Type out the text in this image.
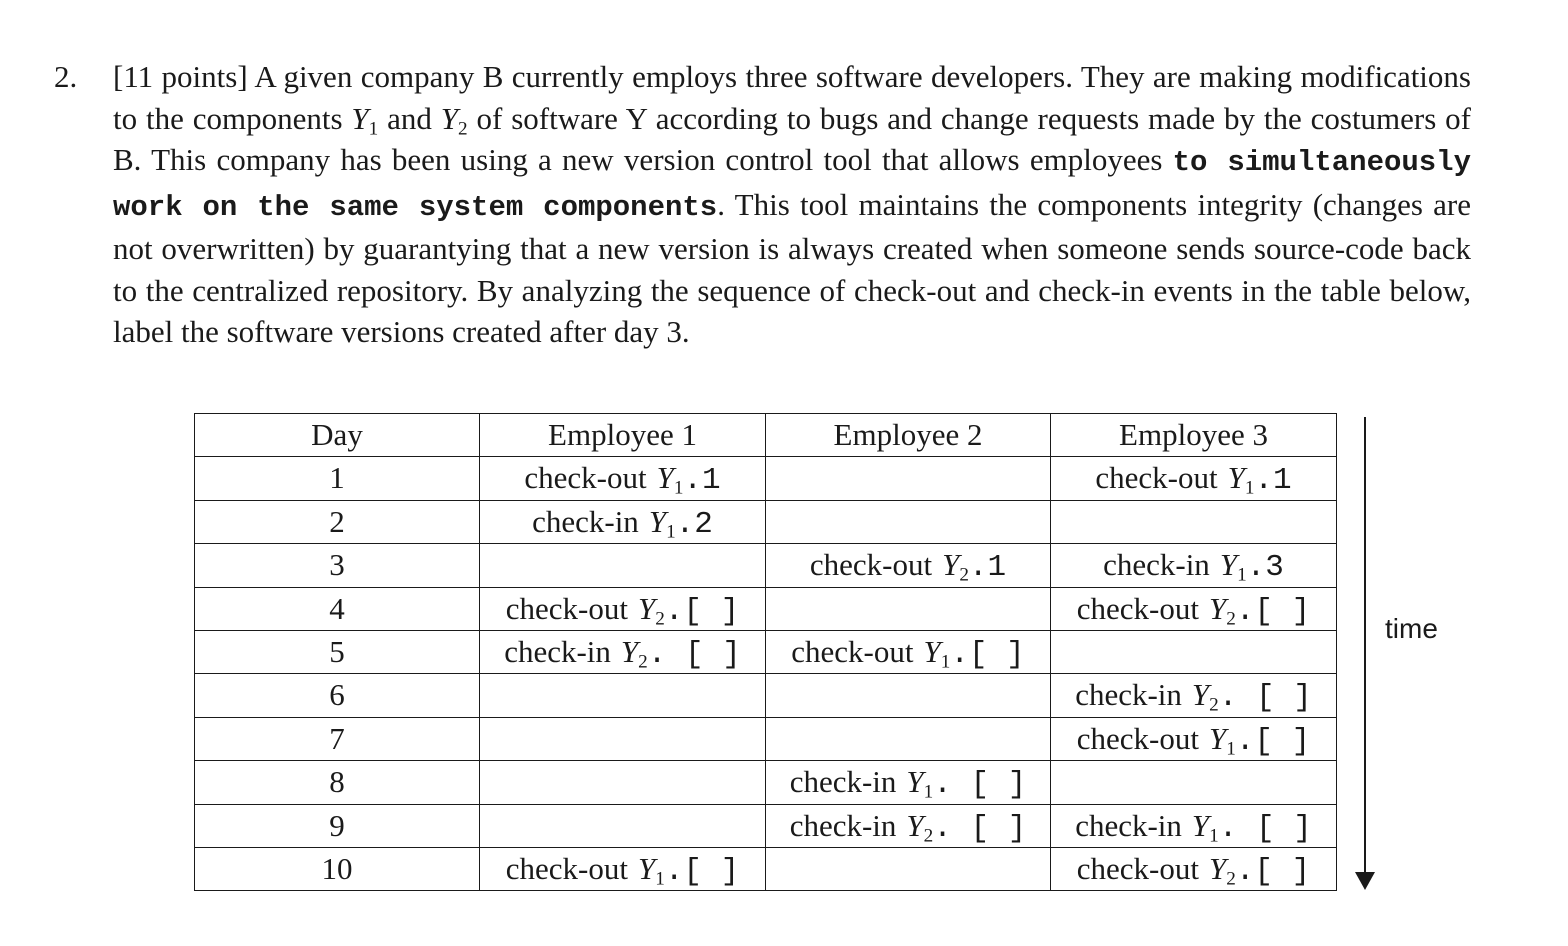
2. [11 points] A given company B currently employs three software developers. They are making modifications to the components $Y_1$ and $Y_2$ of software Y according to bugs and change requests made by the costumers of B. This company has been using a new version control tool that allows employees to simultaneously work on the same system components. This tool maintains the components integrity (changes are not overwritten) by guarantying that a new version is always created when someone sends source-code back to the centralized repository. By analyzing the sequence of check-out and check-in events in the table below, label the software versions created after day 3.
Day	Employee 1	Employee 2	Employee 3
1	check-out $Y_1.1$		check-out $Y_1.1$

2	check-in $Y_1.2$		

3		check-out $Y_2.1$	check-in $Y_1.3$

4	check-out $Y_2$.[ ]		check-out $Y_2$.[ ]

5	check-in $Y_2$. [ ]	check-out $Y_1$.[ ]	

6			check-in $Y_2$. [ ]

7			check-out $Y_1$.[ ]

8		check-in $Y_1$. [ ]	

9		check-in $Y_2$. [ ]	check-in $Y_1$. [ ]

10	check-out $Y_1$.[ ]		check-out $Y_2$.[ ]
time
